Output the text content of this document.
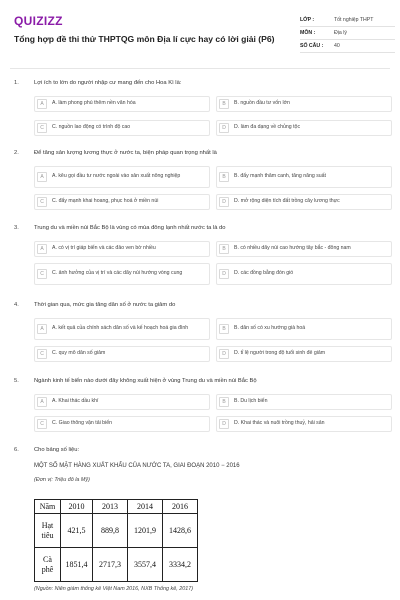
QUIZIZZ
Tổng hợp đề thi thử THPTQG môn Địa lí cực hay có lời giải (P6)
LỚP :	Tốt nghiệp THPT
MÔN :	Địa lý
SỐ CÂU :	40
1.	Lợi ích to lớn do người nhập cư mang đến cho Hoa Kì là:
A	A. làm phong phú thêm nền văn hóa	B	B. nguồn đầu tư vốn lớn
C	C. nguồn lao động có trình độ cao	D	D. làm đa dạng về chủng tộc
2.	Để tăng sản lượng lương thực ở nước ta, biện pháp quan trọng nhất là
A	A. kêu gọi đầu tư nước ngoài vào sản xuất nông nghiệp	B	B. đẩy mạnh thâm canh, tăng năng suất
C	C. đẩy mạnh khai hoang, phục hoá ở miền núi	D	D. mở rộng diện tích đất trồng cây lương thực
3.	Trung du và miền núi Bắc Bộ là vùng có mùa đông lạnh nhất nước ta là do
A	A. có vị trí giáp biển và các đảo ven bờ nhiều	B	B. có nhiều dãy núi cao hướng tây bắc - đông nam
C	C. ảnh hưởng của vị trí và các dãy núi hướng vòng cung	D	D. các đồng bằng đón gió
4.	Thời gian qua, mức gia tăng dân số ở nước ta giảm do
A	A. kết quả của chính sách dân số và kế hoạch hoá gia đình	B	B. dân số có xu hướng già hoá
C	C. quy mô dân số giảm	D	D. tỉ lệ người trong độ tuổi sinh đẻ giảm
5.	Ngành kinh tế biển nào dưới đây không xuất hiện ở vùng Trung du và miền núi Bắc Bộ
A	A. Khai thác dầu khí	B	B. Du lịch biển
C	C. Giao thông vận tải biển	D	D. Khai thác và nuôi trồng thuỷ, hải sản
6.	Cho bảng số liệu:
MỘT SỐ MẶT HÀNG XUẤT KHẨU CỦA NƯỚC TA, GIAI ĐOẠN 2010 − 2016
(Đơn vị: Triệu đô la Mỹ)
Năm	2010	2013	2014	2016
Hạt tiêu	421,5	889,8	1201,9	1428,6
Cà phê	1851,4	2717,3	3557,4	3334,2
(Nguồn: Niên giám thống kê Việt Nam 2016, NXB Thống kê, 2017)
